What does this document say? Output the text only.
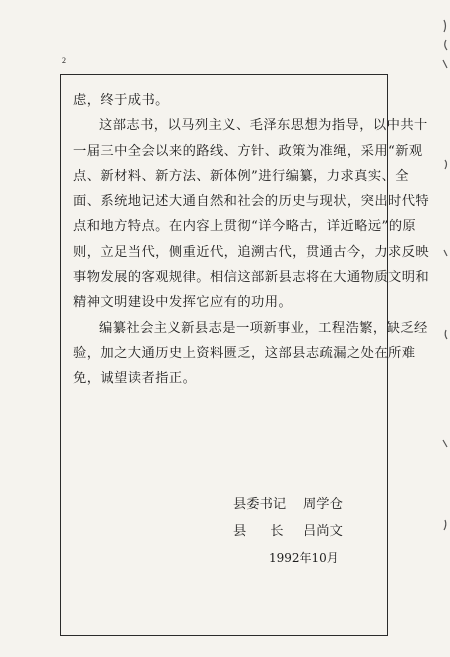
2

虑，终于成书。

这部志书，以马列主义、毛泽东思想为指导，以中共十

一届三中全会以来的路线、方针、政策为准绳，采用“新观

点、新材料、新方法、新体例”进行编纂，力求真实、全

面、系统地记述大通自然和社会的历史与现状，突出时代特

点和地方特点。在内容上贯彻“详今略古，详近略远”的原

则，立足当代，侧重近代，追溯古代，贯通古今，力求反映

事物发展的客观规律。相信这部新县志将在大通物质文明和

精神文明建设中发挥它应有的功用。

编纂社会主义新县志是一项新事业，工程浩繁，缺乏经

验，加之大通历史上资料匮乏，这部县志疏漏之处在所难

免，诚望读者指正。

县委书记 周学仓
县长吕尚文
1992年10月
